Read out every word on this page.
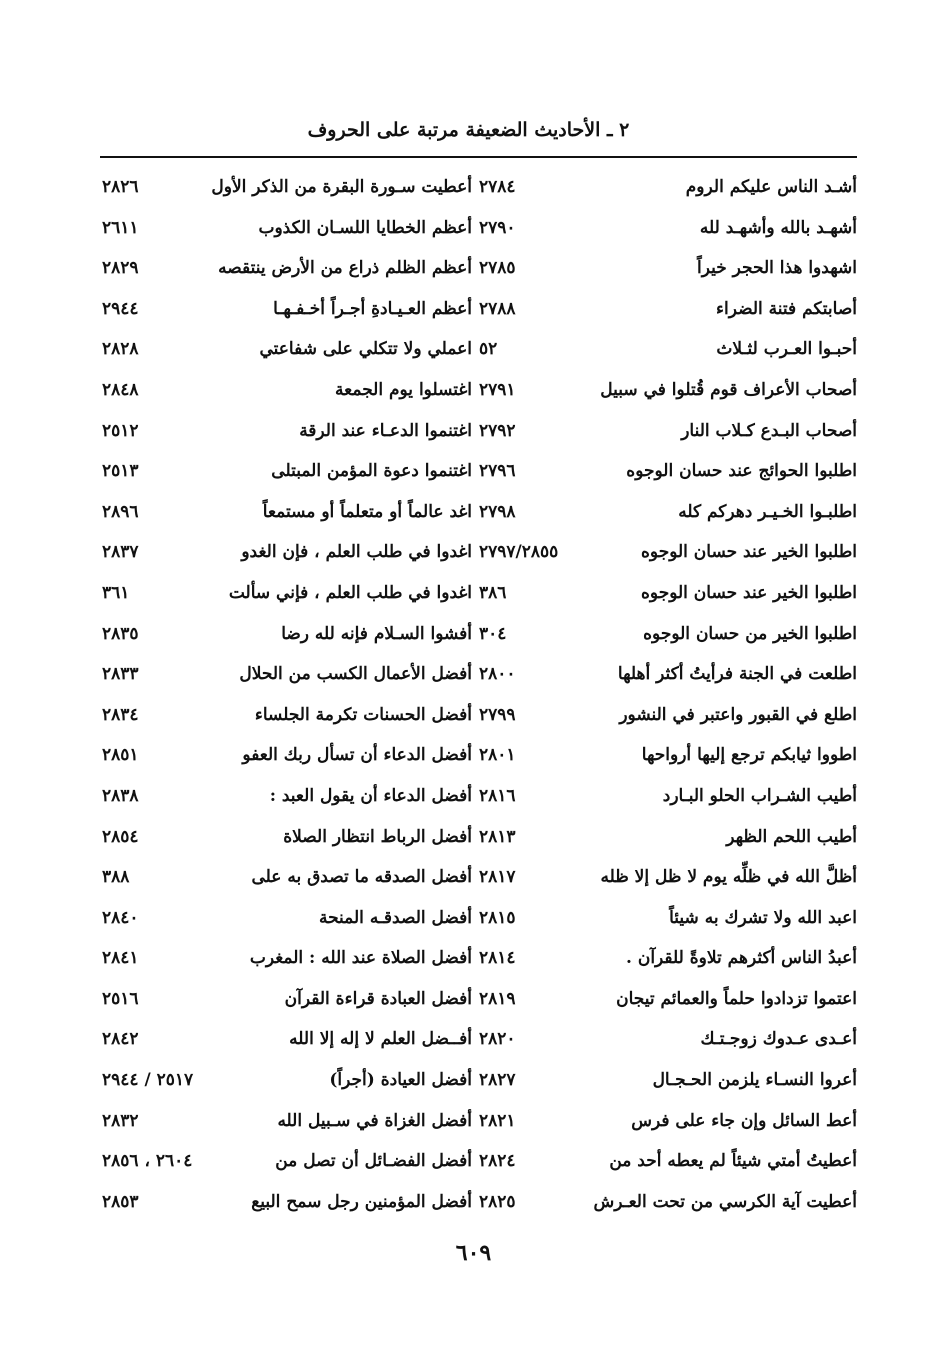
٢ ـ الأحاديث الضعيفة مرتبة على الحروف
أشـد الناس عليكم الروم
٢٧٨٤
أشهـد بالله وأشهـد لله
٢٧٩٠
اشهدوا هذا الحجر خيراً
٢٧٨٥
أصابتكم فتنة الضراء
٢٧٨٨
أحبـوا العـرب لثـلاث
٥٢
أصحاب الأعراف قوم قُتلوا في سبيل
٢٧٩١
أصحاب البـدع كـلاب النار
٢٧٩٢
اطلبوا الحوائج عند حسان الوجوه
٢٧٩٦
اطلبـوا الخـيـر دهركم كله
٢٧٩٨
اطلبوا الخير عند حسان الوجوه
٢٧٩٧/٢٨٥٥
اطلبوا الخير عند حسان الوجوه
٣٨٦
اطلبوا الخير من حسان الوجوه
٣٠٤
اطلعت في الجنة فرأيتُ أكثر أهلها
٢٨٠٠
اطلع في القبور واعتبر في النشور
٢٧٩٩
اطووا ثيابكم ترجع إليها أرواحها
٢٨٠١
أطيب الشـراب الحلو البـارد
٢٨١٦
أطيب اللحم الظهر
٢٨١٣
أظلَّ الله في ظلِّه يوم لا ظل إلا ظله
٢٨١٧
اعبد الله ولا تشرك به شيئاً
٢٨١٥
أعبدُ الناس أكثرهم تلاوةً للقرآن .
٢٨١٤
اعتموا تزدادوا حلماً والعمائم تيجان
٢٨١٩
أعـدى عـدوك زوجـتـك
٢٨٢٠
أعروا النسـاء يلزمن الحـجـال
٢٨٢٧
أعط السائل وإن جاء على فرس
٢٨٢١
أعطيتُ أمتي شيئاً لم يعطه أحد من
٢٨٢٤
أعطيت آية الكرسي من تحت العـرش
٢٨٢٥
أعطيت سـورة البقرة من الذكر الأول
٢٨٢٦
أعظم الخطايا اللسـان الكذوب
٢٦١١
أعظم الظلم ذراع من الأرض ينتقصه
٢٨٢٩
أعظم العـيـادةِ أجـراً أخـفـهـا
٢٩٤٤
اعملي ولا تتكلي على شفاعتي
٢٨٢٨
اغتسلوا يوم الجمعة
٢٨٤٨
اغتنموا الدعـاء عند الرقة
٢٥١٢
اغتنموا دعوة المؤمن المبتلى
٢٥١٣
اغد عالماً أو متعلماً أو مستمعاً
٢٨٩٦
اغدوا في طلب العلم ، فإن الغدو
٢٨٣٧
اغدوا في طلب العلم ، فإني سألت
٣٦١
أفشوا السـلام فإنه لله رضا
٢٨٣٥
أفضل الأعمال الكسب من الحلال
٢٨٣٣
أفضل الحسنات تكرمة الجلساء
٢٨٣٤
أفضل الدعاء أن تسأل ربك العفو
٢٨٥١
أفضل الدعاء أن يقول العبد :
٢٨٣٨
أفضل الرباط انتظار الصلاة
٢٨٥٤
أفضل الصدقه ما تصدق به على
٣٨٨
أفضل الصدقـه المنحة
٢٨٤٠
أفضل الصلاة عند الله : المغرب
٢٨٤١
أفضل العبادة قراءة القرآن
٢٥١٦
أفــضل العلم لا إله إلا الله
٢٨٤٢
أفضل العيادة (أجراً)
٢٥١٧ / ٢٩٤٤
أفضل الغزاة في سـبيل الله
٢٨٣٢
أفضل الفضـائل أن تصل من
٢٦٠٤ ، ٢٨٥٦
أفضل المؤمنين رجل سمح البيع
٢٨٥٣
٦٠٩
